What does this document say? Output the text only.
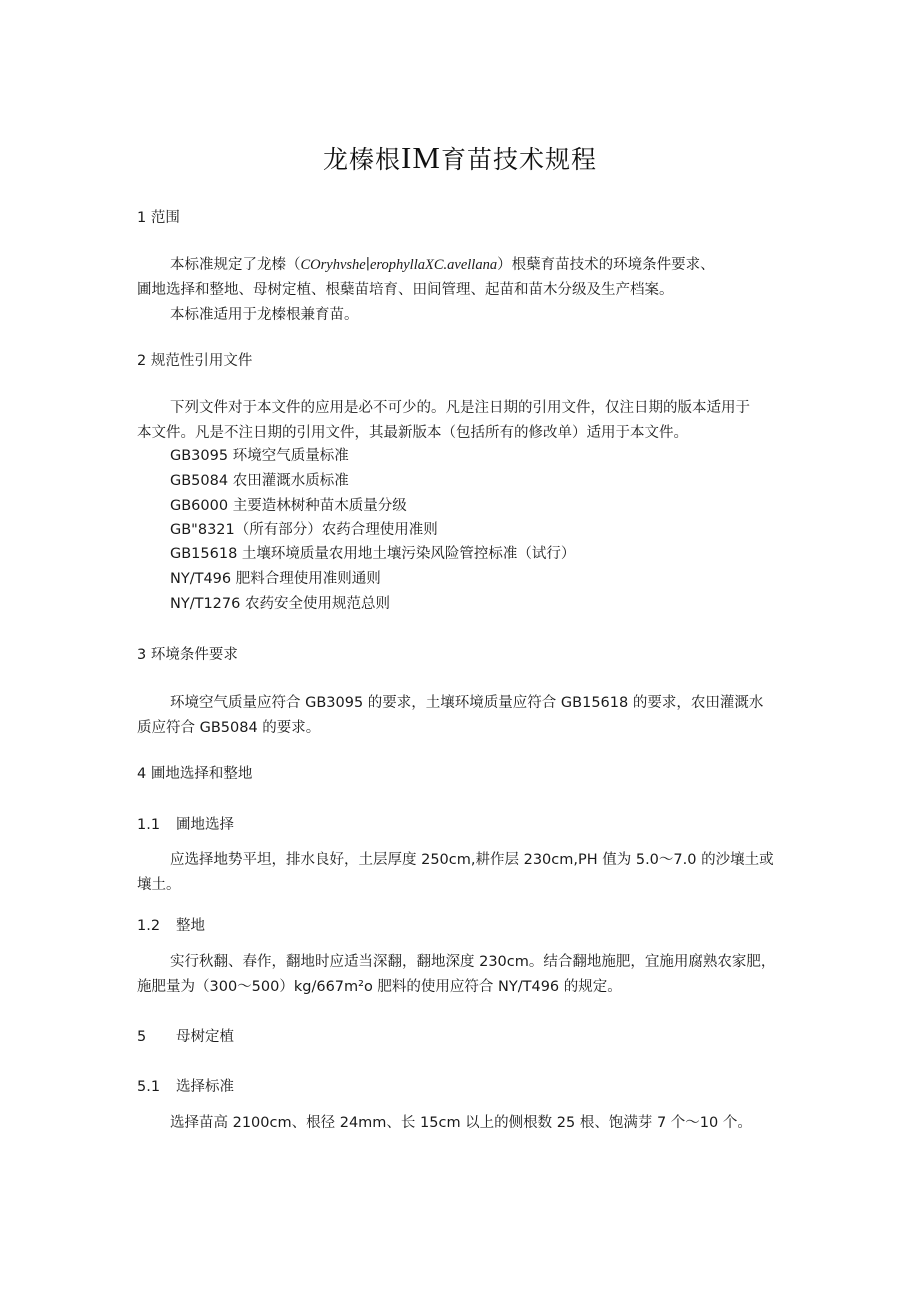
龙榛根IM育苗技术规程
1 范围
本标准规定了龙榛（COryhvshe∣erophyllaXC.avellana）根蘖育苗技术的环境条件要求、
圃地选择和整地、母树定植、根蘖苗培育、田间管理、起苗和苗木分级及生产档案。
本标准适用于龙榛根兼育苗。
2 规范性引用文件
下列文件对于本文件的应用是必不可少的。凡是注日期的引用文件，仅注日期的版本适用于
本文件。凡是不注日期的引用文件，其最新版本（包括所有的修改单）适用于本文件。
GB3095 环境空气质量标准
GB5084 农田灌溉水质标准
GB6000 主要造林树种苗木质量分级
GB"8321（所有部分）农药合理使用准则
GB15618 土壤环境质量农用地土壤污染风险管控标准（试行）
NY/T496 肥料合理使用准则通则
NY/T1276 农药安全使用规范总则
3 环境条件要求
环境空气质量应符合 GB3095 的要求，土壤环境质量应符合 GB15618 的要求，农田灌溉水
质应符合 GB5084 的要求。
4 圃地选择和整地
1.1 圃地选择
应选择地势平坦，排水良好，土层厚度 250cm,耕作层 230cm,PH 值为 5.0～7.0 的沙壤土或
壤土。
1.2 整地
实行秋翻、春作，翻地时应适当深翻，翻地深度 230cm。结合翻地施肥，宜施用腐熟农家肥，
施肥量为（300～500）kg∕667m²o 肥料的使用应符合 NY/T496 的规定。
5 母树定植
5.1 选择标准
选择苗高 2100cm、根径 24mm、长 15cm 以上的侧根数 25 根、饱满芽 7 个～10 个。
